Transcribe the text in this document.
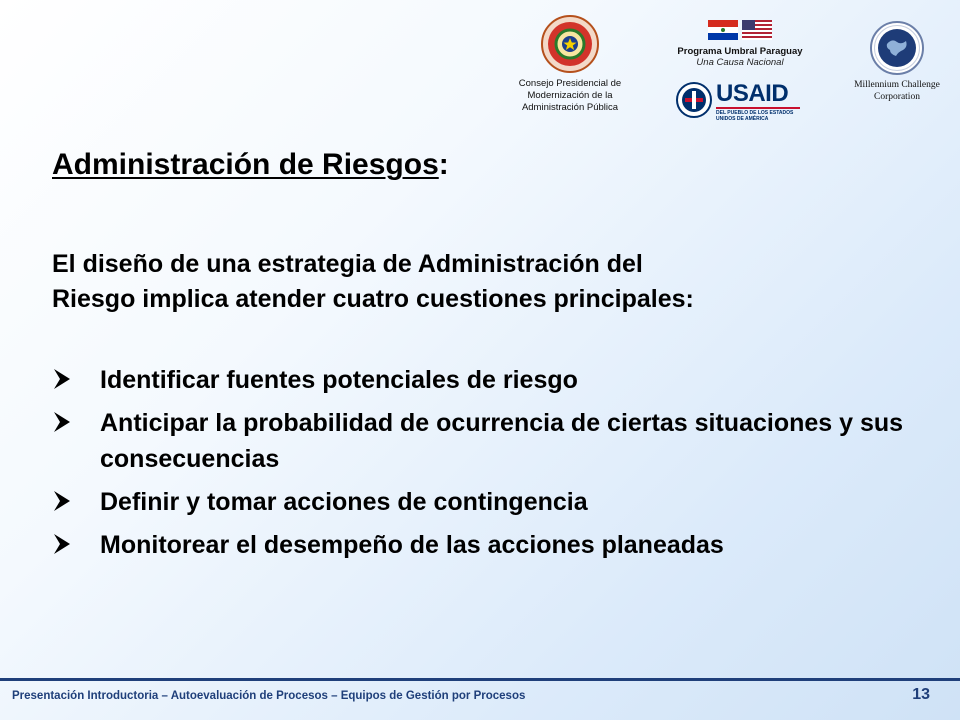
Consejo Presidencial de
Modernización de la
Administración Pública
Programa Umbral Paraguay
Una Causa Nacional
USAID
DEL PUEBLO DE LOS ESTADOS
UNIDOS DE AMÉRICA
Millennium Challenge
Corporation
Administración de Riesgos:

El diseño de una estrategia de Administración del
Riesgo implica atender cuatro cuestiones principales:

Identificar fuentes potenciales de riesgo
Anticipar la probabilidad de ocurrencia de ciertas situaciones y sus consecuencias
Definir y tomar acciones de contingencia
Monitorear el desempeño de las acciones planeadas
Presentación Introductoria – Autoevaluación de Procesos – Equipos de Gestión por Procesos	13
